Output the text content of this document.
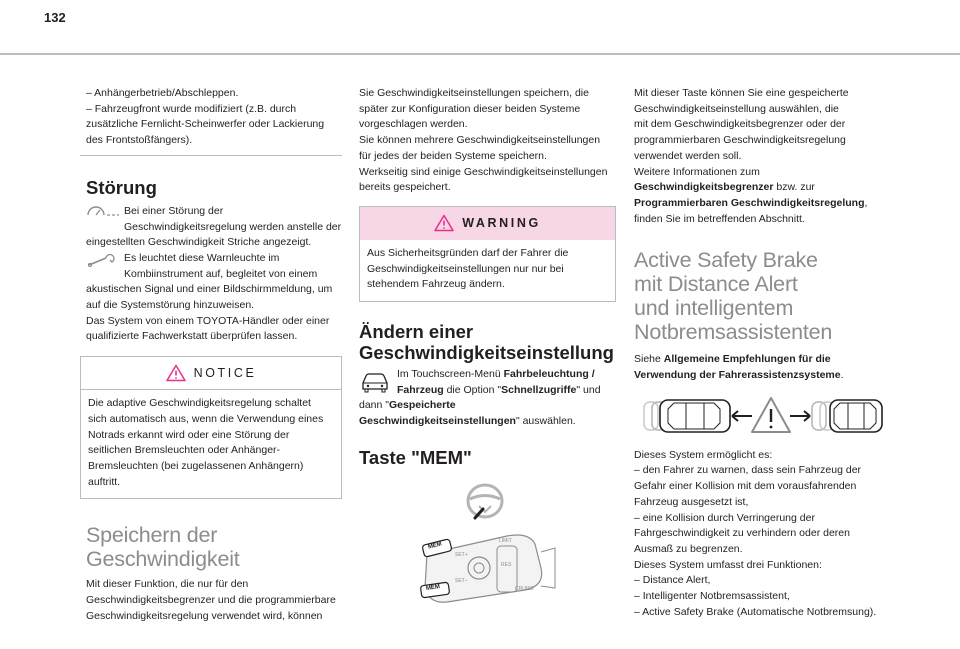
132
– Anhängerbetrieb/Abschleppen.
– Fahrzeugfront wurde modifiziert (z.B. durch
zusätzliche Fernlicht-Scheinwerfer oder Lackierung
des Frontstoßfängers).
Störung
Bei einer Störung der
Geschwindigkeitsregelung werden anstelle der
eingestellten Geschwindigkeit Striche angezeigt.
Es leuchtet diese Warnleuchte im
Kombiinstrument auf, begleitet von einem
akustischen Signal und einer Bildschirmmeldung, um
auf die Systemstörung hinzuweisen.
Das System von einem TOYOTA-Händler oder einer
qualifizierte Fachwerkstatt überprüfen lassen.
NOTICE
Die adaptive Geschwindigkeitsregelung schaltet
sich automatisch aus, wenn die Verwendung eines
Notrads erkannt wird oder eine Störung der
seitlichen Bremsleuchten oder Anhänger-
Bremsleuchten (bei zugelassenen Anhängern)
auftritt.
Speichern der
Geschwindigkeit
Mit dieser Funktion, die nur für den
Geschwindigkeitsbegrenzer und die programmierbare
Geschwindigkeitsregelung verwendet wird, können
Sie Geschwindigkeitseinstellungen speichern, die
später zur Konfiguration dieser beiden Systeme
vorgeschlagen werden.
Sie können mehrere Geschwindigkeitseinstellungen
für jedes der beiden Systeme speichern.
Werkseitig sind einige Geschwindigkeitseinstellungen
bereits gespeichert.
WARNING
Aus Sicherheitsgründen darf der Fahrer die
Geschwindigkeitseinstellungen nur nur bei
stehendem Fahrzeug ändern.
Ändern einer
Geschwindigkeitseinstellung
Im Touchscreen-Menü Fahrbeleuchtung /
Fahrzeug die Option "Schnellzugriffe" und
dann "Gespeicherte
Geschwindigkeitseinstellungen" auswählen.
Taste "MEM"
MEM
MEM
SET+
SET–
RES
LIMIT
CRUISE
Mit dieser Taste können Sie eine gespeicherte
Geschwindigkeitseinstellung auswählen, die
mit dem Geschwindigkeitsbegrenzer oder der
programmierbaren Geschwindigkeitsregelung
verwendet werden soll.
Weitere Informationen zum
Geschwindigkeitsbegrenzer bzw. zur
Programmierbaren Geschwindigkeitsregelung,
finden Sie im betreffenden Abschnitt.
Active Safety Brake
mit Distance Alert
und intelligentem
Notbremsassistenten
Siehe Allgemeine Empfehlungen für die
Verwendung der Fahrerassistenzsysteme.
Dieses System ermöglicht es:
– den Fahrer zu warnen, dass sein Fahrzeug der
Gefahr einer Kollision mit dem vorausfahrenden
Fahrzeug ausgesetzt ist,
– eine Kollision durch Verringerung der
Fahrgeschwindigkeit zu verhindern oder deren
Ausmaß zu begrenzen.
Dieses System umfasst drei Funktionen:
– Distance Alert,
– Intelligenter Notbremsassistent,
– Active Safety Brake (Automatische Notbremsung).
